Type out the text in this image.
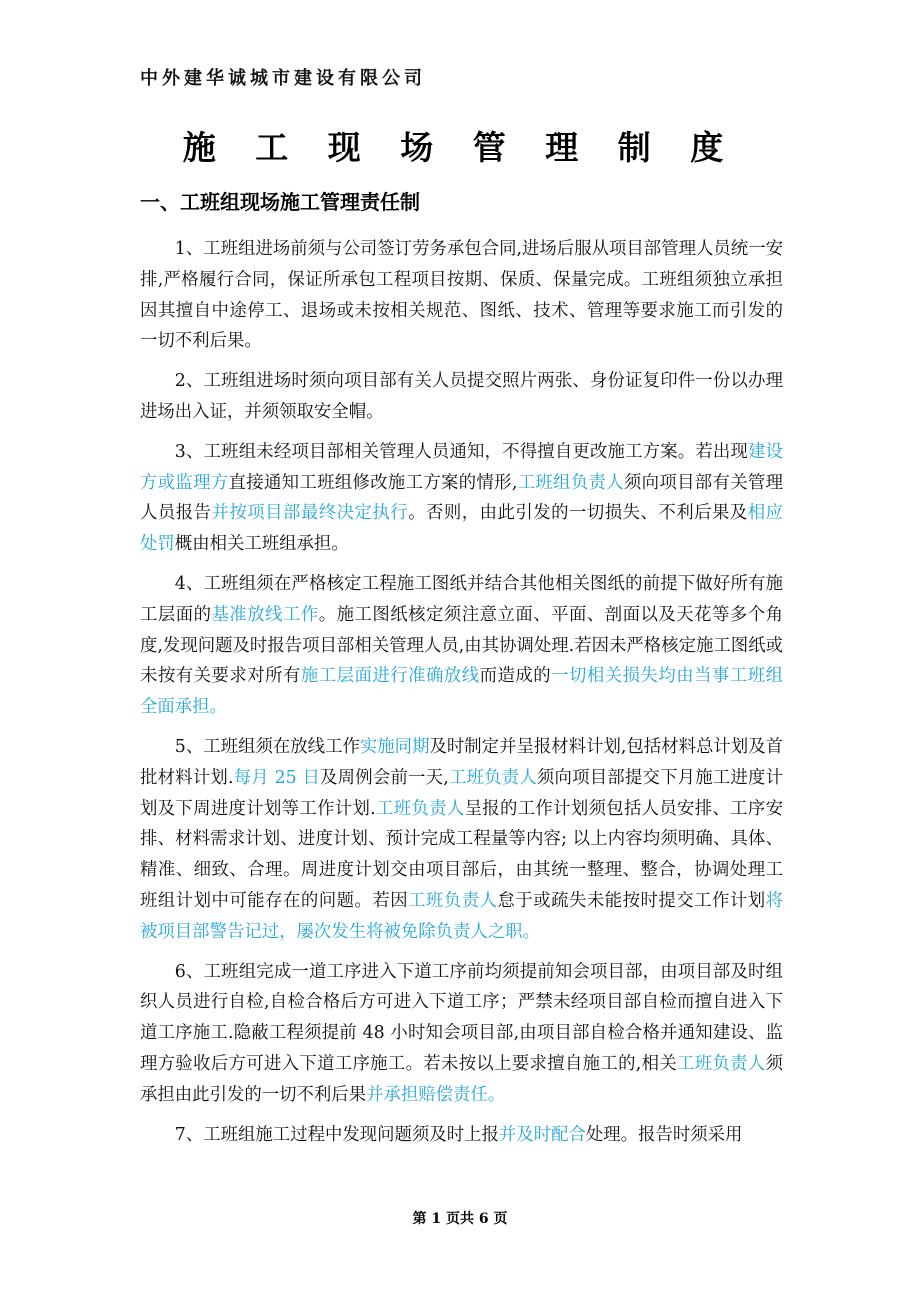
中外建华诚城市建设有限公司
施 工 现 场 管 理 制 度
一、工班组现场施工管理责任制

1、工班组进场前须与公司签订劳务承包合同,进场后服从项目部管理人员统一安排,严格履行合同，保证所承包工程项目按期、保质、保量完成。工班组须独立承担因其擅自中途停工、退场或未按相关规范、图纸、技术、管理等要求施工而引发的一切不利后果。

2、工班组进场时须向项目部有关人员提交照片两张、身份证复印件一份以办理进场出入证，并须领取安全帽。

3、工班组未经项目部相关管理人员通知，不得擅自更改施工方案。若出现建设方或监理方直接通知工班组修改施工方案的情形,工班组负责人须向项目部有关管理人员报告并按项目部最终决定执行。否则，由此引发的一切损失、不利后果及相应处罚概由相关工班组承担。

4、工班组须在严格核定工程施工图纸并结合其他相关图纸的前提下做好所有施工层面的基准放线工作。施工图纸核定须注意立面、平面、剖面以及天花等多个角度,发现问题及时报告项目部相关管理人员,由其协调处理.若因未严格核定施工图纸或未按有关要求对所有施工层面进行准确放线而造成的一切相关损失均由当事工班组全面承担。

5、工班组须在放线工作实施同期及时制定并呈报材料计划,包括材料总计划及首批材料计划.每月 25 日及周例会前一天,工班负责人须向项目部提交下月施工进度计划及下周进度计划等工作计划.工班负责人呈报的工作计划须包括人员安排、工序安排、材料需求计划、进度计划、预计完成工程量等内容; 以上内容均须明确、具体、精准、细致、合理。周进度计划交由项目部后，由其统一整理、整合，协调处理工班组计划中可能存在的问题。若因工班负责人怠于或疏失未能按时提交工作计划将被项目部警告记过，屡次发生将被免除负责人之职。

6、工班组完成一道工序进入下道工序前均须提前知会项目部，由项目部及时组织人员进行自检,自检合格后方可进入下道工序；严禁未经项目部自检而擅自进入下道工序施工.隐蔽工程须提前 48 小时知会项目部,由项目部自检合格并通知建设、监理方验收后方可进入下道工序施工。若未按以上要求擅自施工的,相关工班负责人须承担由此引发的一切不利后果并承担赔偿责任。

7、工班组施工过程中发现问题须及时上报并及时配合处理。报告时须采用

第 1 页共 6 页
